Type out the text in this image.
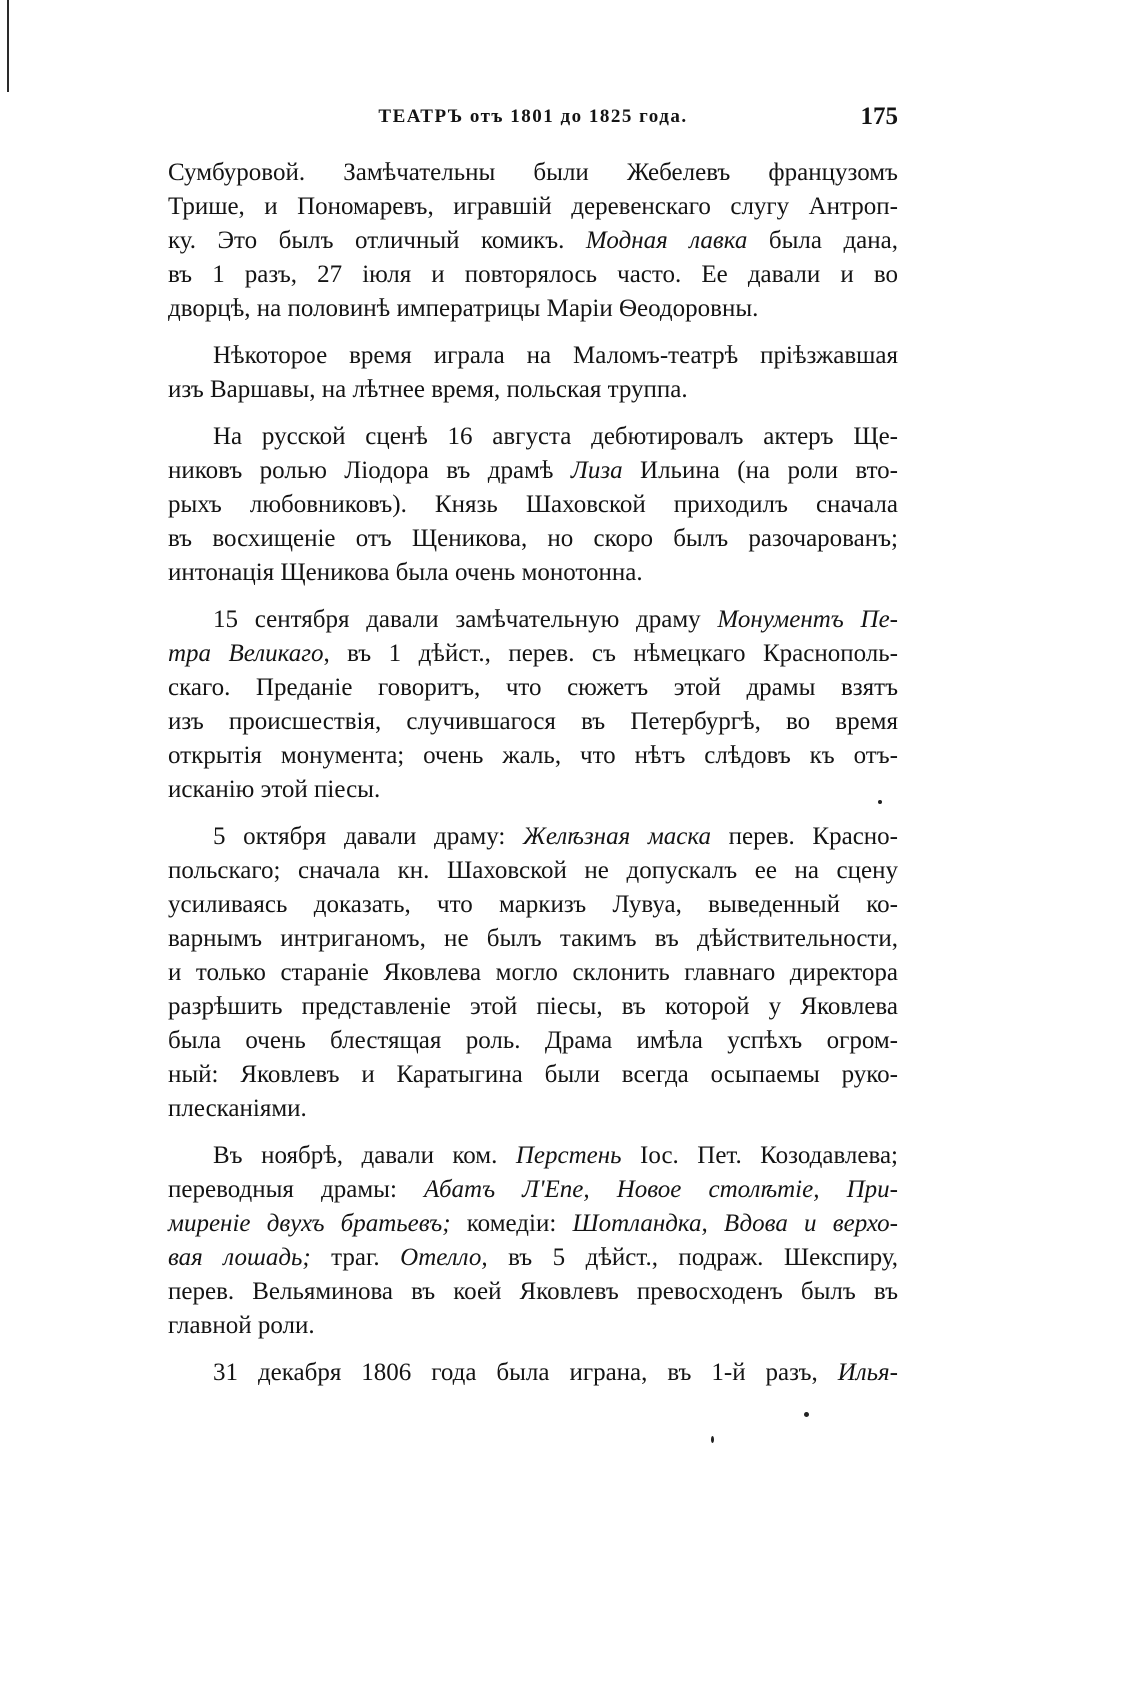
ТЕАТРЪ отъ 1801 до 1825 года.	175
Сумбуровой. Замѣчательны были Жебелевъ французомъ
Трише, и Пономаревъ, игравшій деревенскаго слугу Антроп-
ку. Это былъ отличный комикъ. Модная лавка была дана,
въ 1 разъ, 27 іюля и повторялось часто. Ее давали и во
дворцѣ, на половинѣ императрицы Маріи Ѳеодоровны.
Нѣкоторое время играла на Маломъ-театрѣ пріѣзжавшая
изъ Варшавы, на лѣтнее время, польская труппа.
На русской сценѣ 16 августа дебютировалъ актеръ Ще-
никовъ ролью Ліодора въ драмѣ Лиза Ильина (на роли вто-
рыхъ любовниковъ). Князь Шаховской приходилъ сначала
въ восхищеніе отъ Щеникова, но скоро былъ разочарованъ;
интонація Щеникова была очень монотонна.
15 сентября давали замѣчательную драму Монументъ Пе-
тра Великаго, въ 1 дѣйст., перев. съ нѣмецкаго Краснополь-
скаго. Преданіе говоритъ, что сюжетъ этой драмы взятъ
изъ происшествія, случившагося въ Петербургѣ, во время
открытія монумента; очень жаль, что нѣтъ слѣдовъ къ отъ-
исканію этой піесы.
5 октября давали драму: Желѣзная маска перев. Красно-
польскаго; сначала кн. Шаховской не допускалъ ее на сцену
усиливаясь доказать, что маркизъ Лувуа, выведенный ко-
варнымъ интриганомъ, не былъ такимъ въ дѣйствительности,
и только стараніе Яковлева могло склонить главнаго директора
разрѣшить представленіе этой піесы, въ которой у Яковлева
была очень блестящая роль. Драма имѣла успѣхъ огром-
ный: Яковлевъ и Каратыгина были всегда осыпаемы руко-
плесканіями.
Въ ноябрѣ, давали ком. Перстень Іос. Пет. Козодавлева;
переводныя драмы: Абатъ Л'Епе, Новое столѣтіе, При-
миреніе двухъ братьевъ; комедіи: Шотландка, Вдова и верхо-
вая лошадь; траг. Отелло, въ 5 дѣйст., подраж. Шекспиру,
перев. Вельяминова въ коей Яковлевъ превосходенъ былъ въ
главной роли.
31 декабря 1806 года была играна, въ 1-й разъ, Илья-
